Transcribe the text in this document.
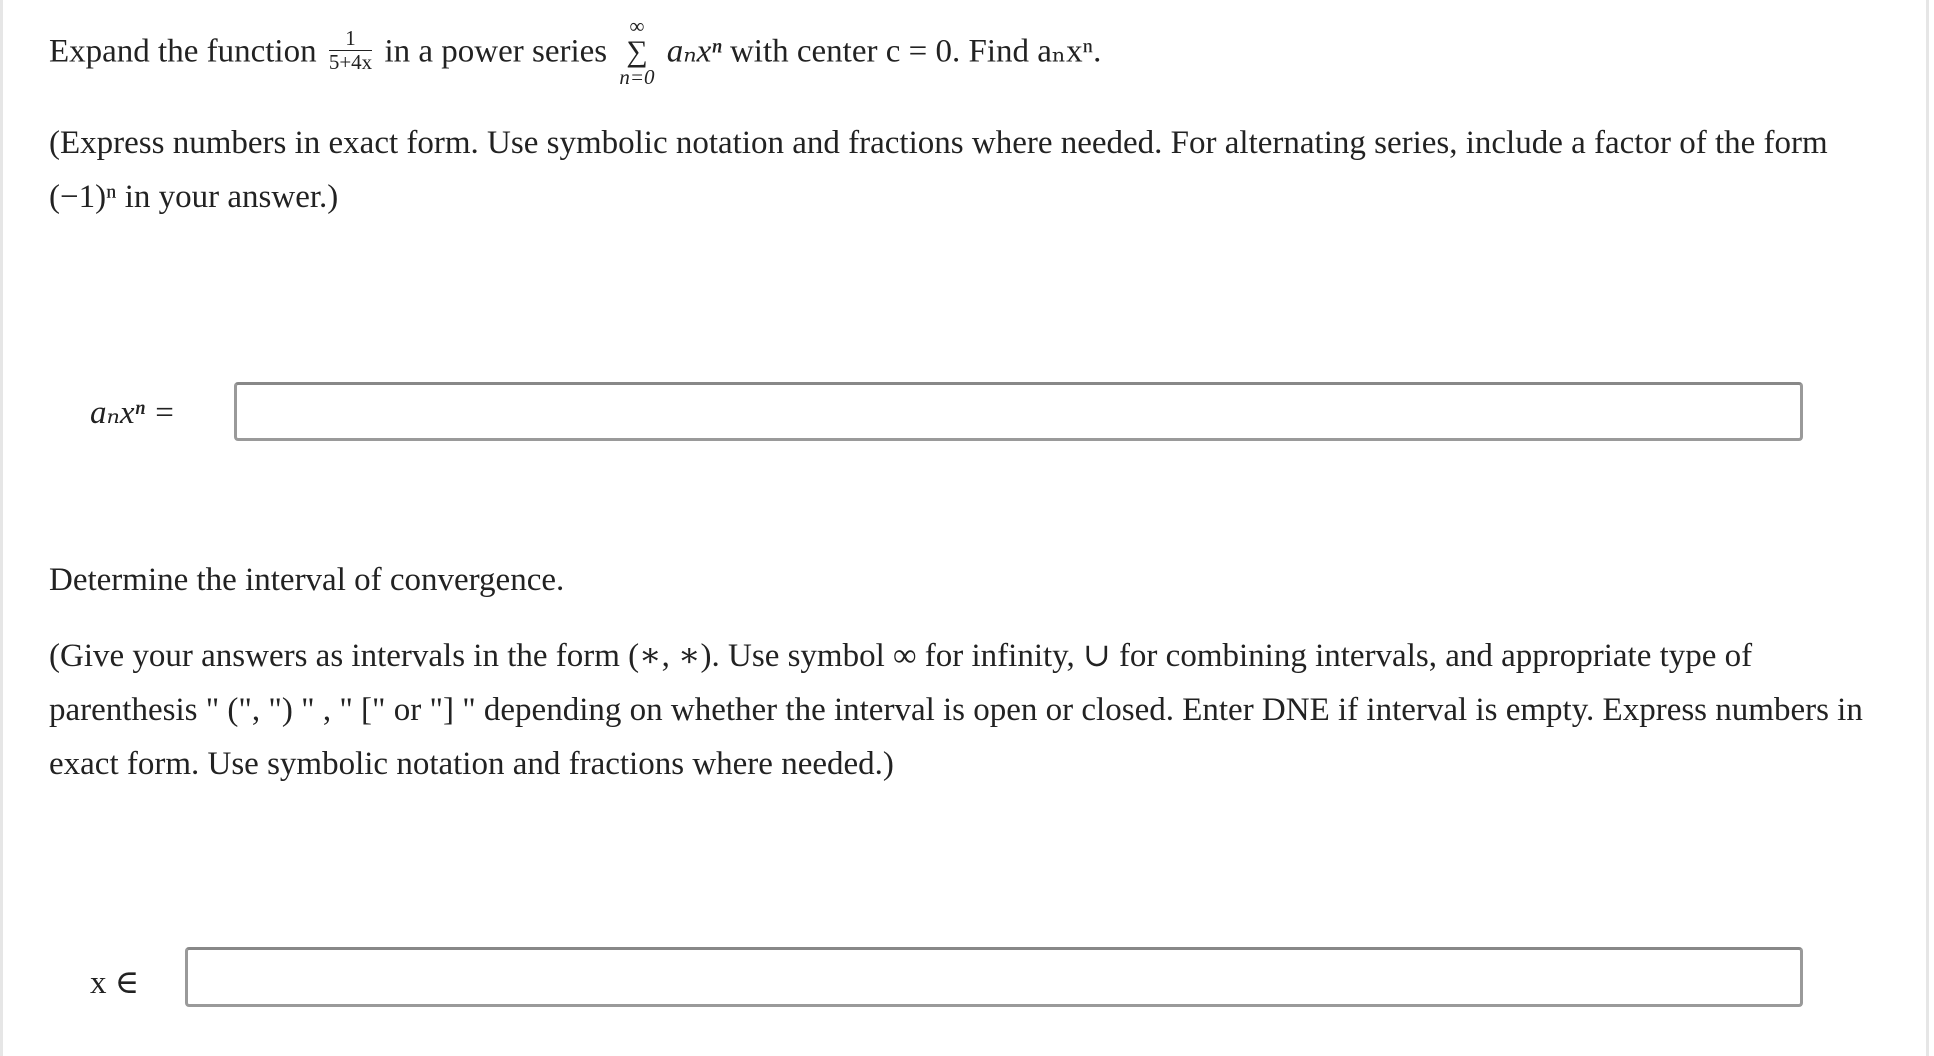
Expand the function $\frac{1}{5+4x}$ in a power series
∞
∑
n=0
aₙxⁿ with center c = 0. Find aₙxⁿ.
(Express numbers in exact form. Use symbolic notation and fractions where needed. For alternating series, include a factor of the form (−1)ⁿ in your answer.)
aₙxⁿ =
Determine the interval of convergence.
(Give your answers as intervals in the form (∗, ∗). Use symbol ∞ for infinity, ∪ for combining intervals, and appropriate type of parenthesis " (", ") " , " [" or "] " depending on whether the interval is open or closed. Enter DNE if interval is empty. Express numbers in exact form. Use symbolic notation and fractions where needed.)
x ∈
